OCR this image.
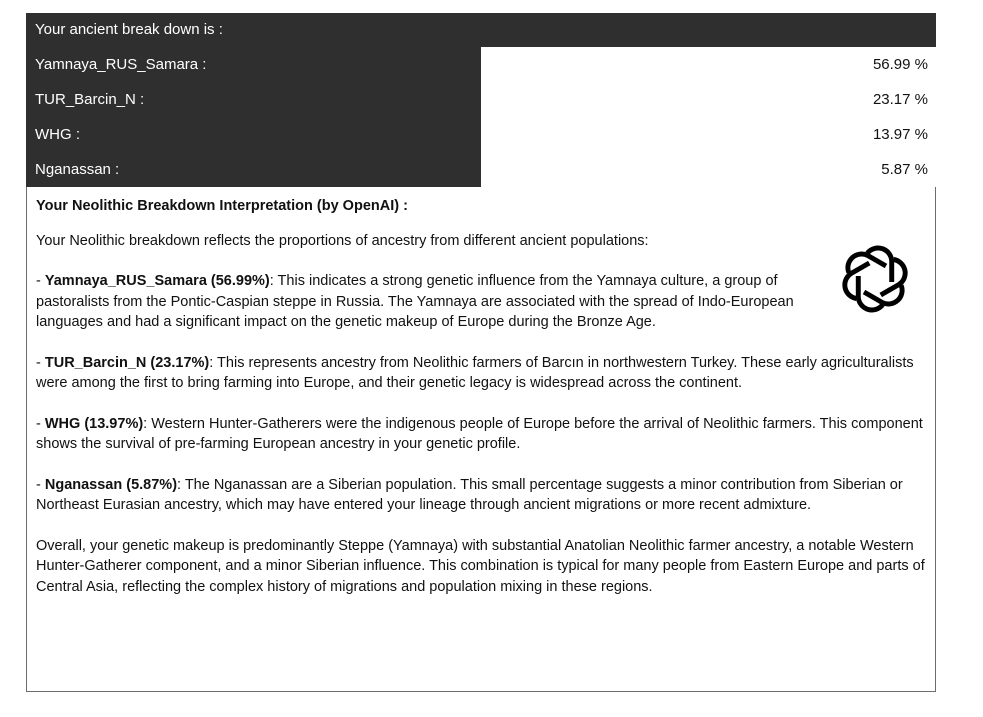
Your ancient break down is :
Yamnaya_RUS_Samara :	56.99 %
TUR_Barcin_N :	23.17 %
WHG :	13.97 %
Nganassan :	5.87 %
Your Neolithic Breakdown Interpretation (by OpenAI) :

Your Neolithic breakdown reflects the proportions of ancestry from different ancient populations:

- Yamnaya_RUS_Samara (56.99%): This indicates a strong genetic influence from the Yamnaya culture, a group of pastoralists from the Pontic-Caspian steppe in Russia. The Yamnaya are associated with the spread of Indo-European languages and had a significant impact on the genetic makeup of Europe during the Bronze Age.

- TUR_Barcin_N (23.17%): This represents ancestry from Neolithic farmers of Barcın in northwestern Turkey. These early agriculturalists were among the first to bring farming into Europe, and their genetic legacy is widespread across the continent.

- WHG (13.97%): Western Hunter-Gatherers were the indigenous people of Europe before the arrival of Neolithic farmers. This component shows the survival of pre-farming European ancestry in your genetic profile.

- Nganassan (5.87%): The Nganassan are a Siberian population. This small percentage suggests a minor contribution from Siberian or Northeast Eurasian ancestry, which may have entered your lineage through ancient migrations or more recent admixture.

Overall, your genetic makeup is predominantly Steppe (Yamnaya) with substantial Anatolian Neolithic farmer ancestry, a notable Western Hunter-Gatherer component, and a minor Siberian influence. This combination is typical for many people from Eastern Europe and parts of Central Asia, reflecting the complex history of migrations and population mixing in these regions.
